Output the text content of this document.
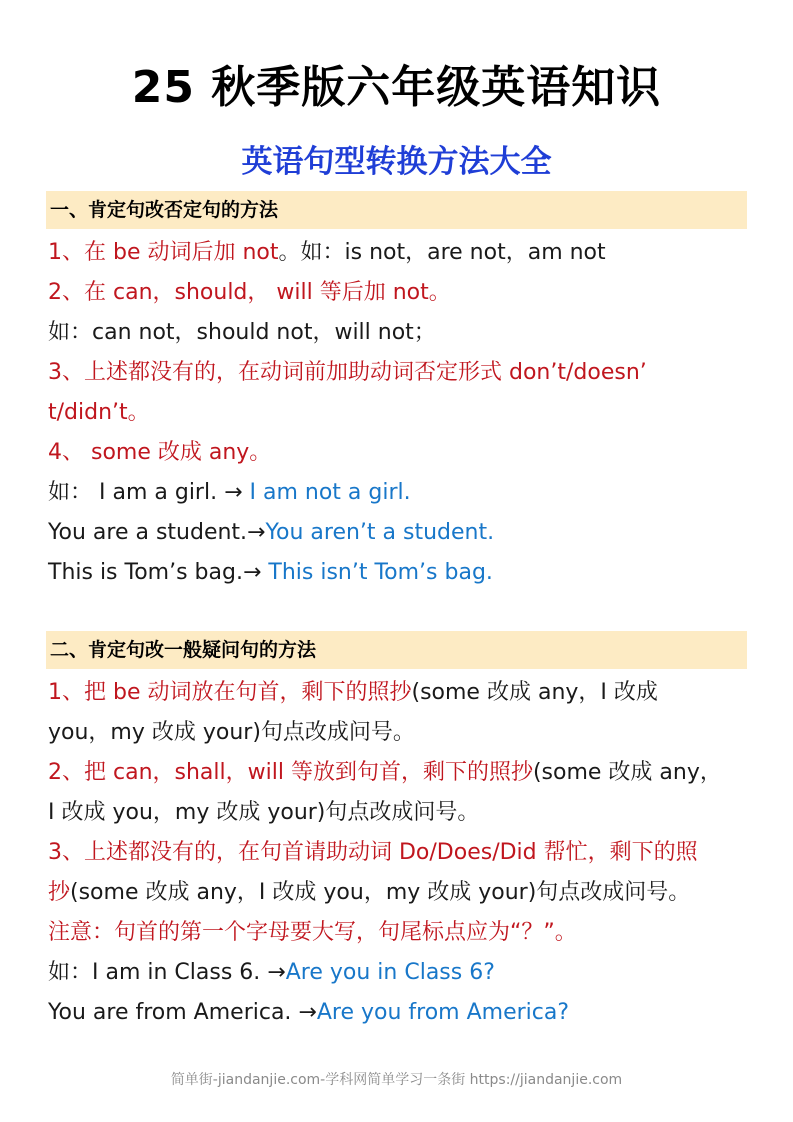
25 秋季版六年级英语知识
英语句型转换方法大全
一、肯定句改否定句的方法
1、在 be 动词后加 not。如：is not，are not，am not
2、在 can，should， will 等后加 not。
如：can not，should not，will not；
3、上述都没有的，在动词前加助动词否定形式 don’t/doesn’
t/didn’t。
4、 some 改成 any。
如： I am a girl. → I am not a girl.
You are a student.→You aren’t a student.
This is Tom’s bag.→ This isn’t Tom’s bag.
二、肯定句改一般疑问句的方法
1、把 be 动词放在句首，剩下的照抄(some 改成 any，I 改成
you，my 改成 your)句点改成问号。
2、把 can，shall，will 等放到句首，剩下的照抄(some 改成 any，
I 改成 you，my 改成 your)句点改成问号。
3、上述都没有的，在句首请助动词 Do/Does/Did 帮忙，剩下的照
抄(some 改成 any，I 改成 you，my 改成 your)句点改成问号。
注意：句首的第一个字母要大写，句尾标点应为“？”。
如：I am in Class 6. →Are you in Class 6?
You are from America. →Are you from America?
简单街-jiandanjie.com-学科网简单学习一条街 https://jiandanjie.com
